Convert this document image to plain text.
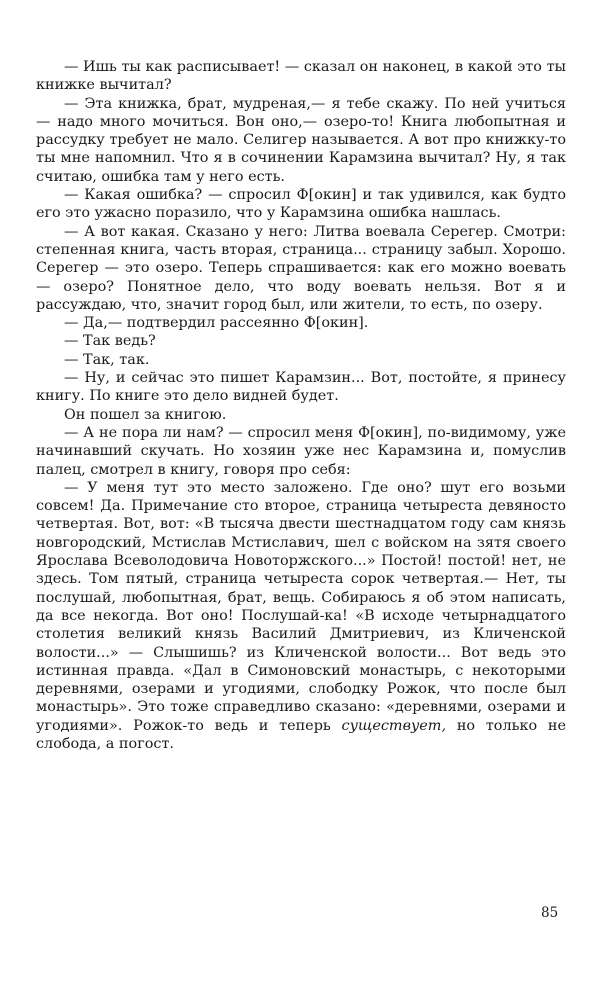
— Ишь ты как расписывает! — сказал он наконец, в какой это ты книжке вычитал?

— Эта книжка, брат, мудреная,— я тебе скажу. По ней учиться — надо много мочиться. Вон оно,— озеро-то! Книга любопытная и рассудку требует не мало. Селигер называется. А вот про книжку-то ты мне напомнил. Что я в сочинении Карамзина вычитал? Ну, я так считаю, ошибка там у него есть.

— Какая ошибка? — спросил Ф[окин] и так удивился, как будто его это ужасно поразило, что у Карамзина ошибка нашлась.

— А вот какая. Сказано у него: Литва воевала Серегер. Смотри: степенная книга, часть вторая, страница... страницу забыл. Хорошо. Серегер — это озеро. Теперь спрашивается: как его можно воевать — озеро? Понятное дело, что воду воевать нельзя. Вот я и рассуждаю, что, значит город был, или жители, то есть, по озеру.

— Да,— подтвердил рассеянно Ф[окин].

— Так ведь?

— Так, так.

— Ну, и сейчас это пишет Карамзин... Вот, постойте, я принесу книгу. По книге это дело видней будет.

Он пошел за книгою.

— А не пора ли нам? — спросил меня Ф[окин], по-видимому, уже начинавший скучать. Но хозяин уже нес Карамзина и, помуслив палец, смотрел в книгу, говоря про себя:

— У меня тут это место заложено. Где оно? шут его возьми совсем! Да. Примечание сто второе, страница четыреста девяносто четвертая. Вот, вот: «В тысяча двести шестнадцатом году сам князь новгородский, Мстислав Мстиславич, шел с войском на зятя своего Ярослава Всеволодовича Новоторжского...» Постой! постой! нет, не здесь. Том пятый, страница четыреста сорок четвертая.— Нет, ты послушай, любопытная, брат, вещь. Собираюсь я об этом написать, да все некогда. Вот оно! Послушай-ка! «В исходе четырнадцатого столетия великий князь Василий Дмитриевич, из Кличенской волости...» — Слышишь? из Кличенской волости... Вот ведь это истинная правда. «Дал в Симоновский монастырь, с некоторыми деревнями, озерами и угодиями, слободку Рожок, что после был монастырь». Это тоже справедливо сказано: «деревнями, озерами и угодиями». Рожок-то ведь и теперь существует, но только не слобода, а погост.

85
